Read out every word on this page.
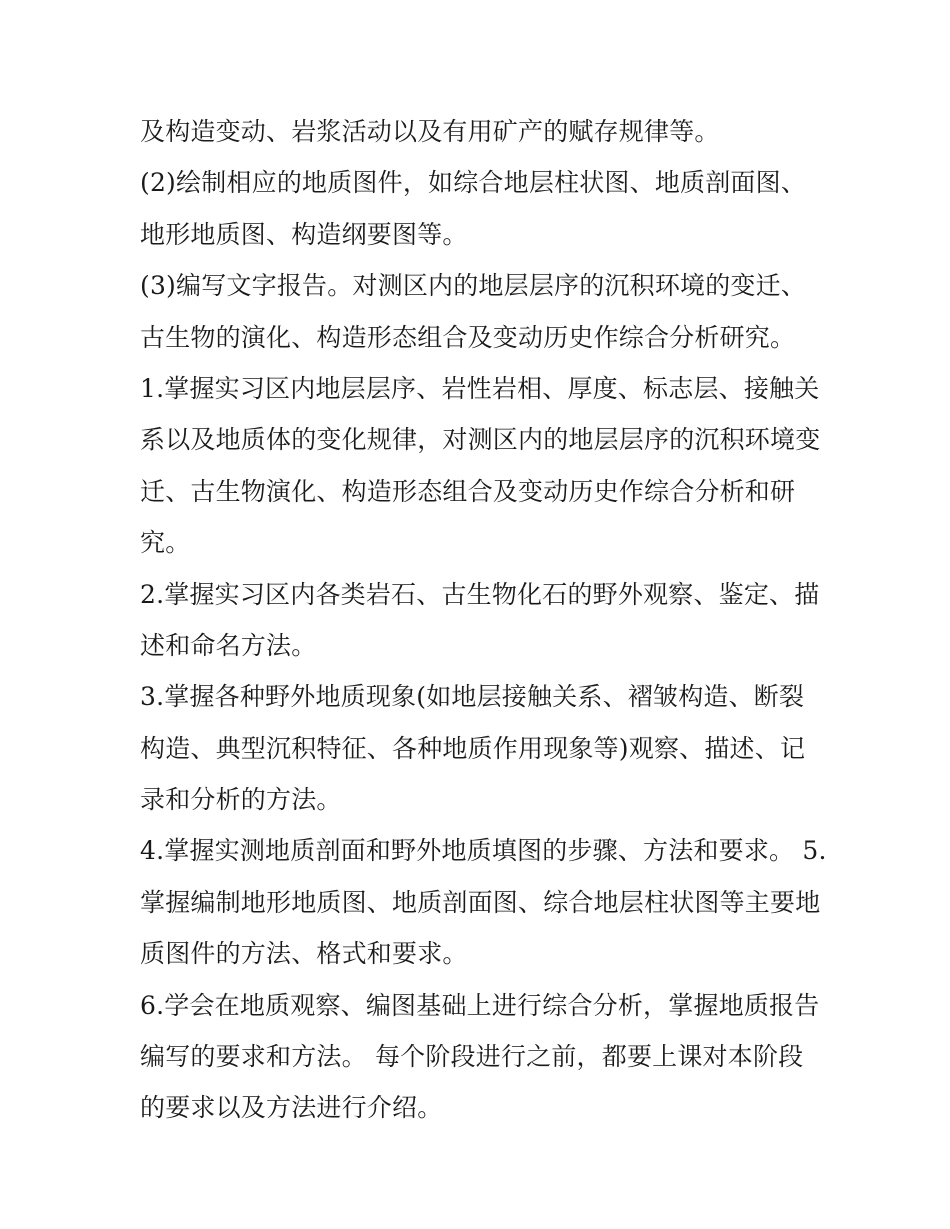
及构造变动、岩浆活动以及有用矿产的赋存规律等。
(2)绘制相应的地质图件，如综合地层柱状图、地质剖面图、
地形地质图、构造纲要图等。
(3)编写文字报告。对测区内的地层层序的沉积环境的变迁、
古生物的演化、构造形态组合及变动历史作综合分析研究。
1.掌握实习区内地层层序、岩性岩相、厚度、标志层、接触关
系以及地质体的变化规律，对测区内的地层层序的沉积环境变
迁、古生物演化、构造形态组合及变动历史作综合分析和研
究。
2.掌握实习区内各类岩石、古生物化石的野外观察、鉴定、描
述和命名方法。
3.掌握各种野外地质现象(如地层接触关系、褶皱构造、断裂
构造、典型沉积特征、各种地质作用现象等)观察、描述、记
录和分析的方法。
4.掌握实测地质剖面和野外地质填图的步骤、方法和要求。 5.
掌握编制地形地质图、地质剖面图、综合地层柱状图等主要地
质图件的方法、格式和要求。
6.学会在地质观察、编图基础上进行综合分析，掌握地质报告
编写的要求和方法。 每个阶段进行之前，都要上课对本阶段
的要求以及方法进行介绍。
